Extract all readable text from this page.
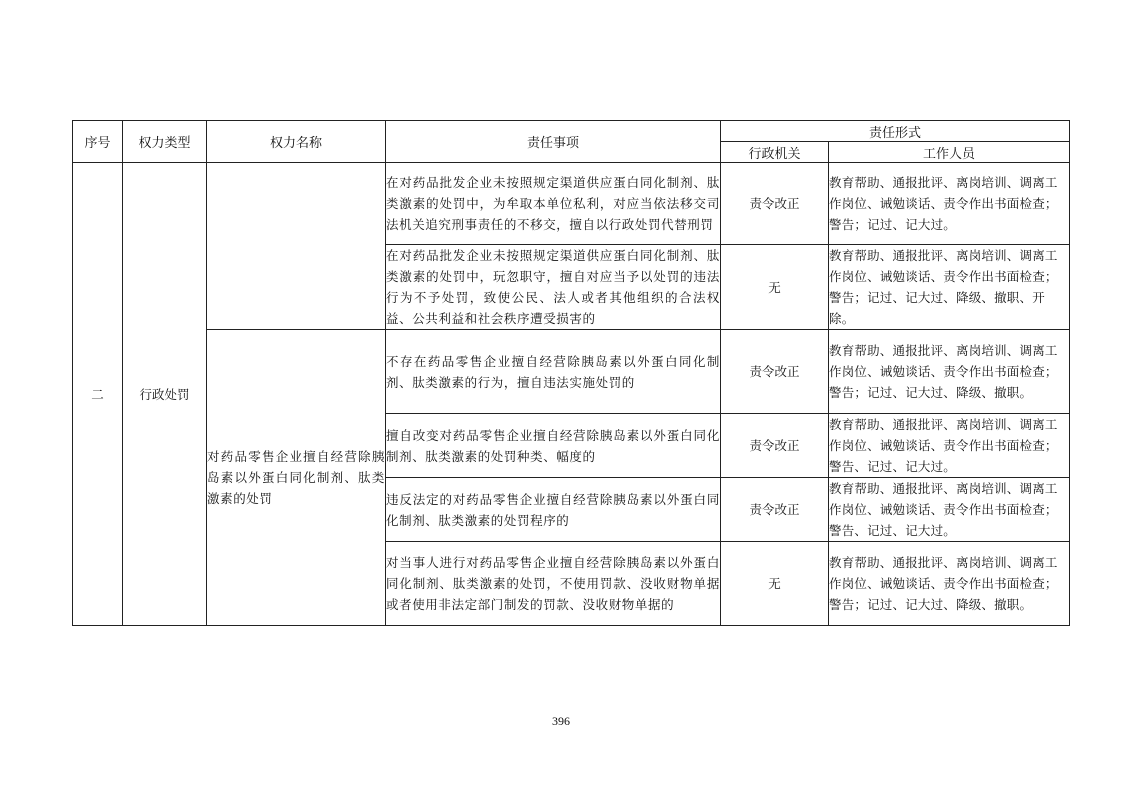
序号	权力类型	权力名称	责任事项	责任形式	
				行政机关	工作人员
二	行政处罚		在对药品批发企业未按照规定渠道供应蛋白同化制剂、肽类激素的处罚中，为牟取本单位私利，对应当依法移交司法机关追究刑事责任的不移交，擅自以行政处罚代替刑罚	责令改正	教育帮助、通报批评、离岗培训、调离工作岗位、诫勉谈话、责令作出书面检查；警告；记过、记大过。
			在对药品批发企业未按照规定渠道供应蛋白同化制剂、肽类激素的处罚中，玩忽职守，擅自对应当予以处罚的违法行为不予处罚，致使公民、法人或者其他组织的合法权益、公共利益和社会秩序遭受损害的	无	教育帮助、通报批评、离岗培训、调离工作岗位、诫勉谈话、责令作出书面检查；警告；记过、记大过、降级、撤职、开除。
		对药品零售企业擅自经营除胰岛素以外蛋白同化制剂、肽类激素的处罚	不存在药品零售企业擅自经营除胰岛素以外蛋白同化制剂、肽类激素的行为，擅自违法实施处罚的	责令改正	教育帮助、通报批评、离岗培训、调离工作岗位、诫勉谈话、责令作出书面检查；警告；记过、记大过、降级、撤职。
			擅自改变对药品零售企业擅自经营除胰岛素以外蛋白同化制剂、肽类激素的处罚种类、幅度的	责令改正	教育帮助、通报批评、离岗培训、调离工作岗位、诫勉谈话、责令作出书面检查；警告、记过、记大过。
			违反法定的对药品零售企业擅自经营除胰岛素以外蛋白同化制剂、肽类激素的处罚程序的	责令改正	教育帮助、通报批评、离岗培训、调离工作岗位、诫勉谈话、责令作出书面检查；警告、记过、记大过。
			对当事人进行对药品零售企业擅自经营除胰岛素以外蛋白同化制剂、肽类激素的处罚，不使用罚款、没收财物单据或者使用非法定部门制发的罚款、没收财物单据的	无	教育帮助、通报批评、离岗培训、调离工作岗位、诫勉谈话、责令作出书面检查；警告；记过、记大过、降级、撤职。
396
